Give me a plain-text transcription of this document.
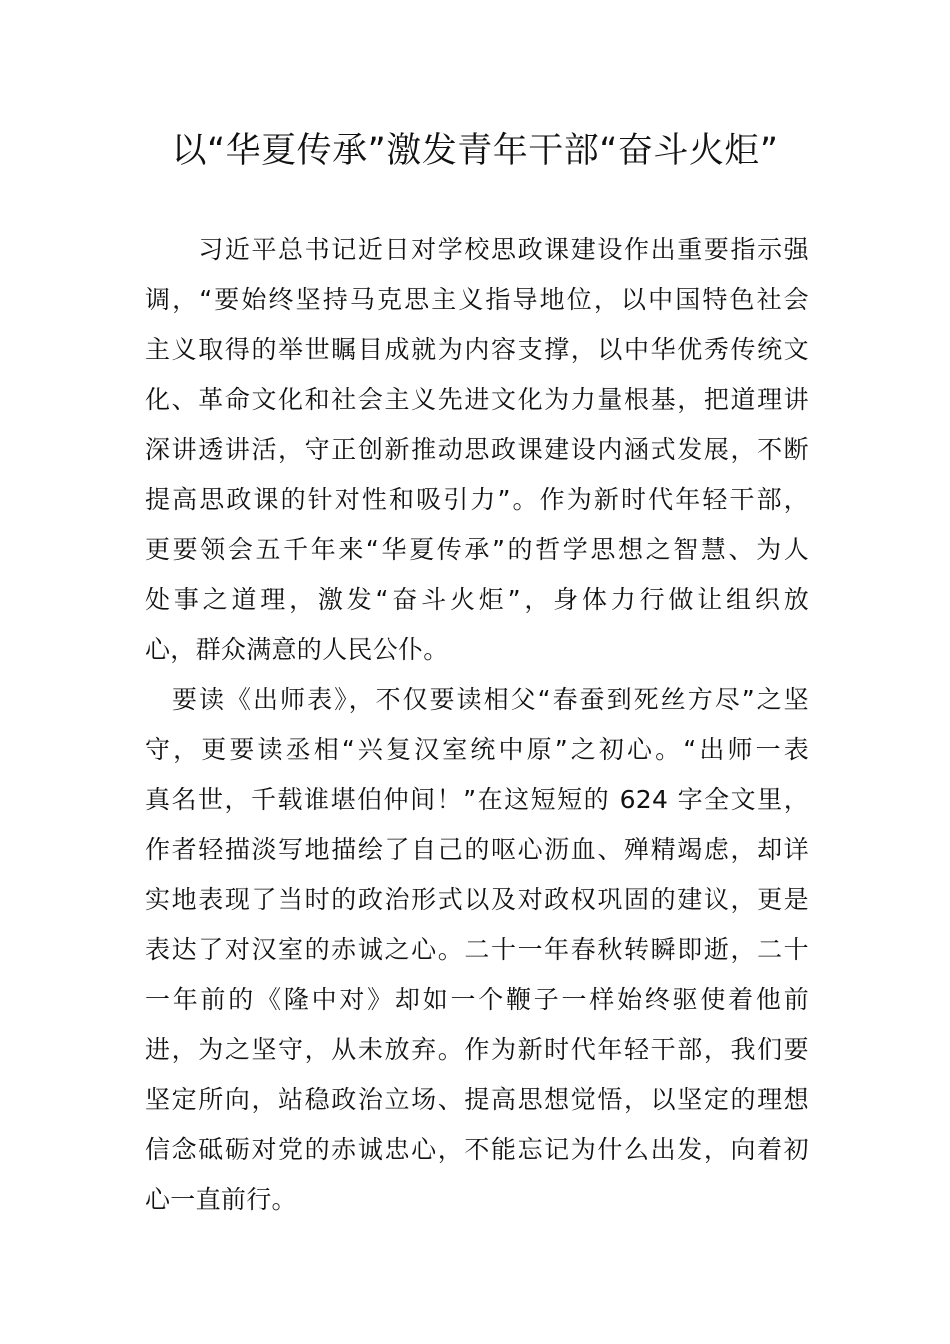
以“华夏传承”激发青年干部“奋斗火炬”
　　习近平总书记近日对学校思政课建设作出重要指示强
调，“要始终坚持马克思主义指导地位，以中国特色社会
主义取得的举世瞩目成就为内容支撑，以中华优秀传统文
化、革命文化和社会主义先进文化为力量根基，把道理讲
深讲透讲活，守正创新推动思政课建设内涵式发展，不断
提高思政课的针对性和吸引力”。作为新时代年轻干部，
更要领会五千年来“华夏传承”的哲学思想之智慧、为人
处事之道理，激发“奋斗火炬”，身体力行做让组织放
心，群众满意的人民公仆。
　要读《出师表》，不仅要读相父“春蚕到死丝方尽”之坚
守，更要读丞相“兴复汉室统中原”之初心。“出师一表
真名世，千载谁堪伯仲间！”在这短短的 624 字全文里，
作者轻描淡写地描绘了自己的呕心沥血、殚精竭虑，却详
实地表现了当时的政治形式以及对政权巩固的建议，更是
表达了对汉室的赤诚之心。二十一年春秋转瞬即逝，二十
一年前的《隆中对》却如一个鞭子一样始终驱使着他前
进，为之坚守，从未放弃。作为新时代年轻干部，我们要
坚定所向，站稳政治立场、提高思想觉悟，以坚定的理想
信念砥砺对党的赤诚忠心，不能忘记为什么出发，向着初
心一直前行。
